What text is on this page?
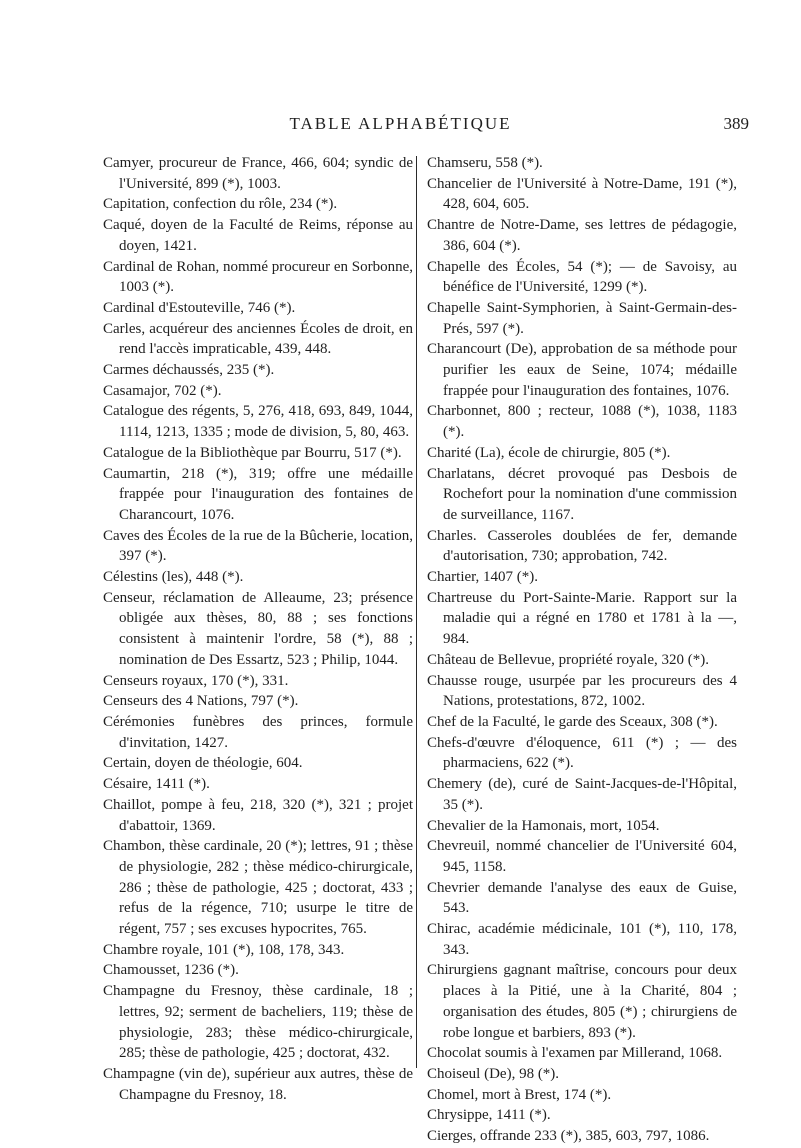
TABLE ALPHABÉTIQUE	389

Camyer, procureur de France, 466, 604; syndic de l'Université, 899 (*), 1003.

Capitation, confection du rôle, 234 (*).

Caqué, doyen de la Faculté de Reims, réponse au doyen, 1421.

Cardinal de Rohan, nommé procureur en Sorbonne, 1003 (*).

Cardinal d'Estouteville, 746 (*).

Carles, acquéreur des anciennes Écoles de droit, en rend l'accès impraticable, 439, 448.

Carmes déchaussés, 235 (*).

Casamajor, 702 (*).

Catalogue des régents, 5, 276, 418, 693, 849, 1044, 1114, 1213, 1335 ; mode de division, 5, 80, 463.

Catalogue de la Bibliothèque par Bourru, 517 (*).

Caumartin, 218 (*), 319; offre une médaille frappée pour l'inauguration des fontaines de Charancourt, 1076.

Caves des Écoles de la rue de la Bûcherie, location, 397 (*).

Célestins (les), 448 (*).

Censeur, réclamation de Alleaume, 23; présence obligée aux thèses, 80, 88 ; ses fonctions consistent à maintenir l'ordre, 58 (*), 88 ; nomination de Des Essartz, 523 ; Philip, 1044.

Censeurs royaux, 170 (*), 331.

Censeurs des 4 Nations, 797 (*).

Cérémonies funèbres des princes, formule d'invitation, 1427.

Certain, doyen de théologie, 604.

Césaire, 1411 (*).

Chaillot, pompe à feu, 218, 320 (*), 321 ; projet d'abattoir, 1369.

Chambon, thèse cardinale, 20 (*); lettres, 91 ; thèse de physiologie, 282 ; thèse médico-chirurgicale, 286 ; thèse de pathologie, 425 ; doctorat, 433 ; refus de la régence, 710; usurpe le titre de régent, 757 ; ses excuses hypocrites, 765.

Chambre royale, 101 (*), 108, 178, 343.

Chamousset, 1236 (*).

Champagne du Fresnoy, thèse cardinale, 18 ; lettres, 92; serment de bacheliers, 119; thèse de physiologie, 283; thèse médico-chirurgicale, 285; thèse de pathologie, 425 ; doctorat, 432.

Champagne (vin de), supérieur aux autres, thèse de Champagne du Fresnoy, 18.

Chamseru, 558 (*).

Chancelier de l'Université à Notre-Dame, 191 (*), 428, 604, 605.

Chantre de Notre-Dame, ses lettres de pédagogie, 386, 604 (*).

Chapelle des Écoles, 54 (*); — de Savoisy, au bénéfice de l'Université, 1299 (*).

Chapelle Saint-Symphorien, à Saint-Germain-des-Prés, 597 (*).

Charancourt (De), approbation de sa méthode pour purifier les eaux de Seine, 1074; médaille frappée pour l'inauguration des fontaines, 1076.

Charbonnet, 800 ; recteur, 1088 (*), 1038, 1183 (*).

Charité (La), école de chirurgie, 805 (*).

Charlatans, décret provoqué pas Desbois de Rochefort pour la nomination d'une commission de surveillance, 1167.

Charles. Casseroles doublées de fer, demande d'autorisation, 730; approbation, 742.

Chartier, 1407 (*).

Chartreuse du Port-Sainte-Marie. Rapport sur la maladie qui a régné en 1780 et 1781 à la —, 984.

Château de Bellevue, propriété royale, 320 (*).

Chausse rouge, usurpée par les procureurs des 4 Nations, protestations, 872, 1002.

Chef de la Faculté, le garde des Sceaux, 308 (*).

Chefs-d'œuvre d'éloquence, 611 (*) ; — des pharmaciens, 622 (*).

Chemery (de), curé de Saint-Jacques-de-l'Hôpital, 35 (*).

Chevalier de la Hamonais, mort, 1054.

Chevreuil, nommé chancelier de l'Université 604, 945, 1158.

Chevrier demande l'analyse des eaux de Guise, 543.

Chirac, académie médicinale, 101 (*), 110, 178, 343.

Chirurgiens gagnant maîtrise, concours pour deux places à la Pitié, une à la Charité, 804 ; organisation des études, 805 (*) ; chirurgiens de robe longue et barbiers, 893 (*).

Chocolat soumis à l'examen par Millerand, 1068.

Choiseul (De), 98 (*).

Chomel, mort à Brest, 174 (*).

Chrysippe, 1411 (*).

Cierges, offrande 233 (*), 385, 603, 797, 1086.
